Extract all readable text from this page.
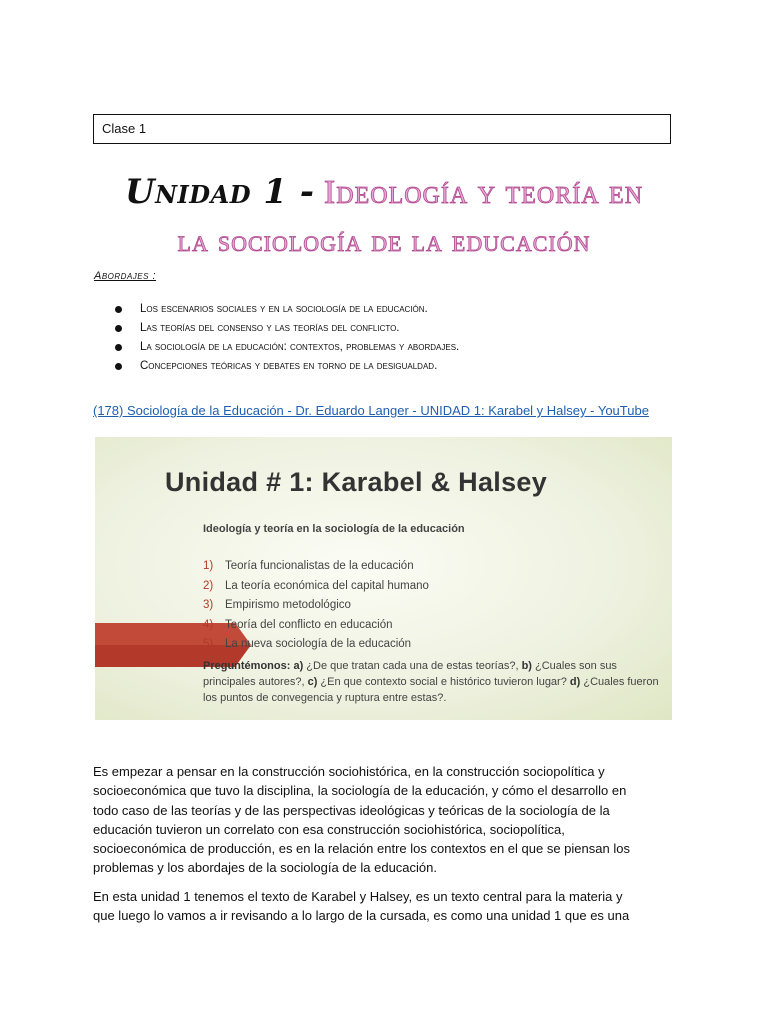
Clase 1
Unidad 1 - Ideología y teoría en
la sociología de la educación
Abordajes :
Los escenarios sociales y en la sociología de la educación.
Las teorías del consenso y las teorías del conflicto.
La sociología de la educación: contextos, problemas y abordajes.
Concepciones teóricas y debates en torno de la desigualdad.
(178) Sociología de la Educación - Dr. Eduardo Langer - UNIDAD 1: Karabel y Halsey - YouTube
Unidad # 1: Karabel & Halsey
Ideología y teoría en la sociología de la educación
1) Teoría funcionalistas de la educación
2) La teoría económica del capital humano
3) Empirismo metodológico
4) Teoría del conflicto en educación
5) La nueva sociología de la educación
Preguntémonos: a) ¿De que tratan cada una de estas teorías?, b) ¿Cuales son sus principales autores?, c) ¿En que contexto social e histórico tuvieron lugar? d) ¿Cuales fueron los puntos de convegencia y ruptura entre estas?.

Es empezar a pensar en la construcción sociohistórica, en la construcción sociopolítica y
socioeconómica que tuvo la disciplina, la sociología de la educación, y cómo el desarrollo en
todo caso de las teorías y de las perspectivas ideológicas y teóricas de la sociología de la
educación tuvieron un correlato con esa construcción sociohistórica, sociopolítica,
socioeconómica de producción, es en la relación entre los contextos en el que se piensan los
problemas y los abordajes de la sociología de la educación.

En esta unidad 1 tenemos el texto de Karabel y Halsey, es un texto central para la materia y
que luego lo vamos a ir revisando a lo largo de la cursada, es como una unidad 1 que es una
